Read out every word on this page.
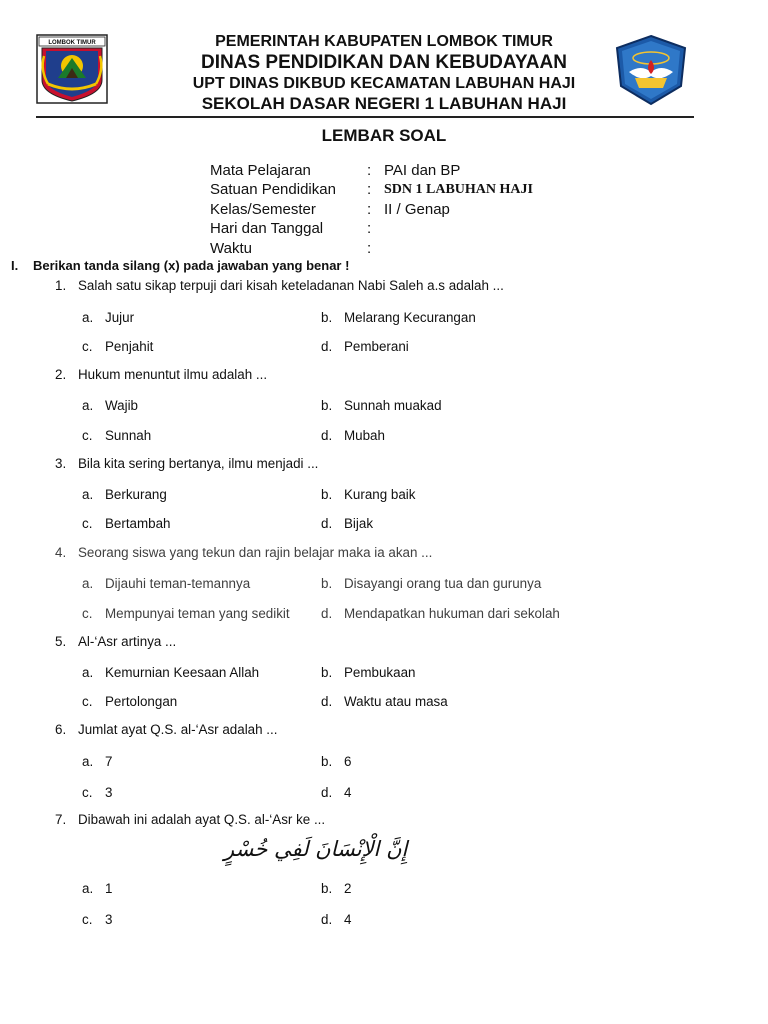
LOMBOK TIMUR	PEMERINTAH KABUPATEN LOMBOK TIMUR
DINAS PENDIDIKAN DAN KEBUDAYAAN
UPT DINAS DIKBUD KECAMATAN LABUHAN HAJI
SEKOLAH DASAR NEGERI 1 LABUHAN HAJI
LEMBAR SOAL
Mata Pelajaran	: PAI dan BP
Satuan Pendidikan : SDN 1 LABUHAN HAJI
Kelas/Semester	: II / Genap
Hari dan Tanggal	:
Waktu	:
I. Berikan tanda silang (x) pada jawaban yang benar !
1. Salah satu sikap terpuji dari kisah keteladanan Nabi Saleh a.s adalah ...
a. Jujur	b. Melarang Kecurangan
c. Penjahit	d. Pemberani
2. Hukum menuntut ilmu adalah ...
a. Wajib	b. Sunnah muakad
c. Sunnah	d. Mubah
3. Bila kita sering bertanya, ilmu menjadi ...
a. Berkurang	b. Kurang baik
c. Bertambah	d. Bijak
4. Seorang siswa yang tekun dan rajin belajar maka ia akan ...
a. Dijauhi teman-temannya	b. Disayangi orang tua dan gurunya
c. Mempunyai teman yang sedikit d. Mendapatkan hukuman dari sekolah
5. Al-‘Asr artinya ...
a. Kemurnian Keesaan Allah	b. Pembukaan
c. Pertolongan	d. Waktu atau masa
6. Jumlat ayat Q.S. al-‘Asr adalah ...
a. 7	b. 6
c. 3	d. 4
7. Dibawah ini adalah ayat Q.S. al-‘Asr ke ...
إِنَّ الْإِنْسَانَ لَفِي خُسْرٍ
a. 1	b. 2
c. 3	d. 4
